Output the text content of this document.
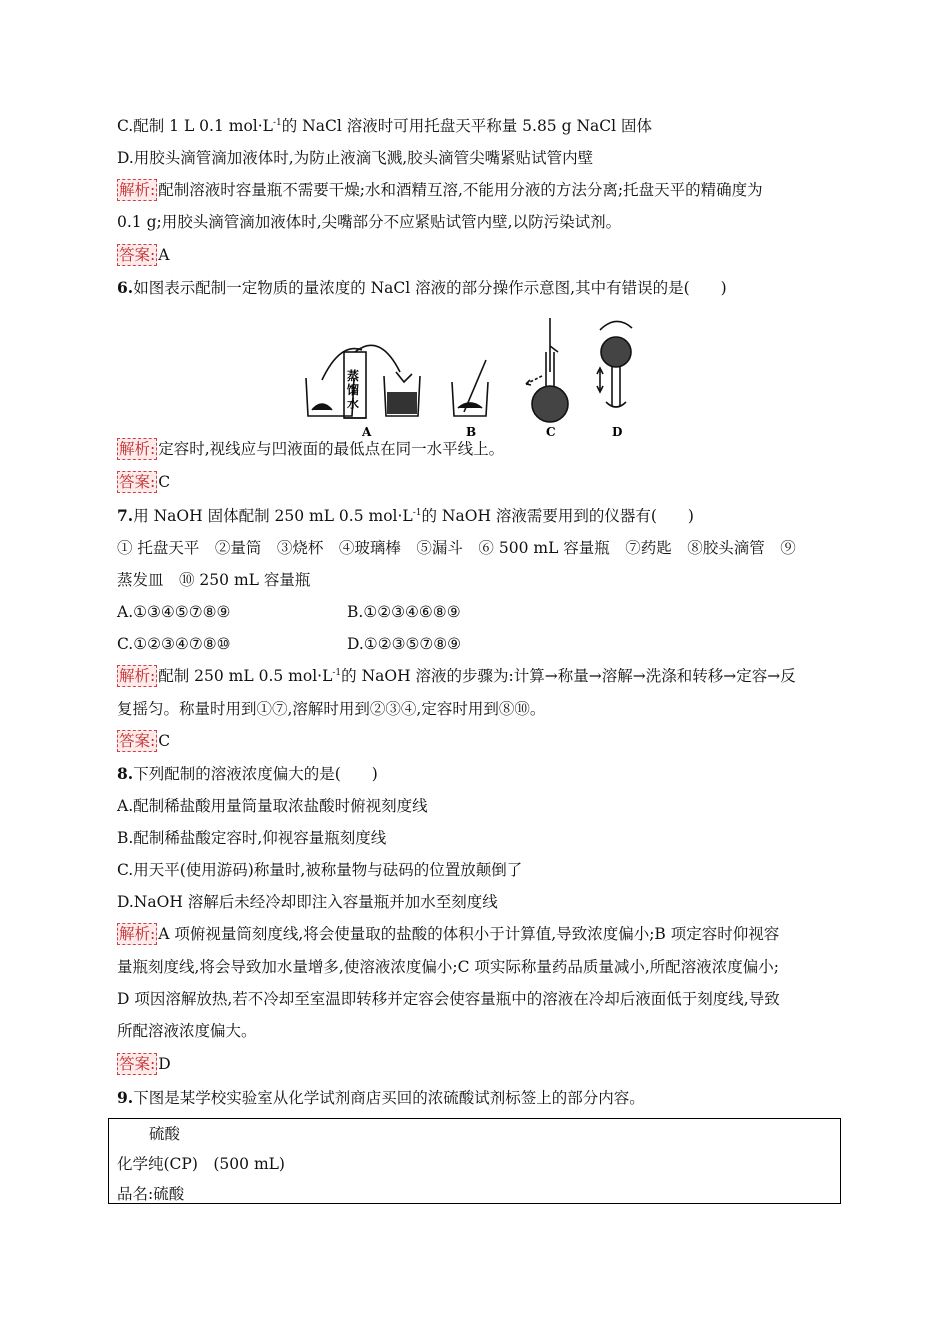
C.配制 1 L 0.1 $mol\cdot L^{-1}$的 NaCl 溶液时可用托盘天平称量 5.85 g NaCl 固体
D.用胶头滴管滴加液体时,为防止液滴飞溅,胶头滴管尖嘴紧贴试管内壁
解析: 配制溶液时容量瓶不需要干燥;水和酒精互溶,不能用分液的方法分离;托盘天平的精确度为
0.1 g;用胶头滴管滴加液体时,尖嘴部分不应紧贴试管内壁,以防污染试剂。
答案: A
6.如图表示配制一定物质的量浓度的 NaCl 溶液的部分操作示意图,其中有错误的是(　　)
蒸
馏
水
A	B	C	D
解析: 定容时,视线应与凹液面的最低点在同一水平线上。
答案: C
7.用 NaOH 固体配制 250 mL 0.5 $mol\cdot L^{-1}$的 NaOH 溶液需要用到的仪器有(　　)
① 托盘天平　②量筒　③烧杯　④玻璃棒　⑤漏斗　⑥ 500 mL 容量瓶　⑦药匙　⑧胶头滴管　⑨
蒸发皿　⑩ 250 mL 容量瓶
A.①③④⑤⑦⑧⑨	B.①②③④⑥⑧⑨
C.①②③④⑦⑧⑩	D.①②③⑤⑦⑧⑨
解析: 配制 250 mL 0.5 $mol\cdot L^{-1}$的 NaOH 溶液的步骤为:计算→称量→溶解→洗涤和转移→定容→反
复摇匀。称量时用到①⑦,溶解时用到②③④,定容时用到⑧⑩。
答案: C
8.下列配制的溶液浓度偏大的是(　　)
A.配制稀盐酸用量筒量取浓盐酸时俯视刻度线
B.配制稀盐酸定容时,仰视容量瓶刻度线
C.用天平(使用游码)称量时,被称量物与砝码的位置放颠倒了
D.NaOH 溶解后未经冷却即注入容量瓶并加水至刻度线
解析: A 项俯视量筒刻度线,将会使量取的盐酸的体积小于计算值,导致浓度偏小;B 项定容时仰视容
量瓶刻度线,将会导致加水量增多,使溶液浓度偏小;C 项实际称量药品质量减小,所配溶液浓度偏小;
D 项因溶解放热,若不冷却至室温即转移并定容会使容量瓶中的溶液在冷却后液面低于刻度线,导致
所配溶液浓度偏大。
答案: D
9.下图是某学校实验室从化学试剂商店买回的浓硫酸试剂标签上的部分内容。
硫酸
化学纯(CP)　(500 mL)
品名:硫酸
